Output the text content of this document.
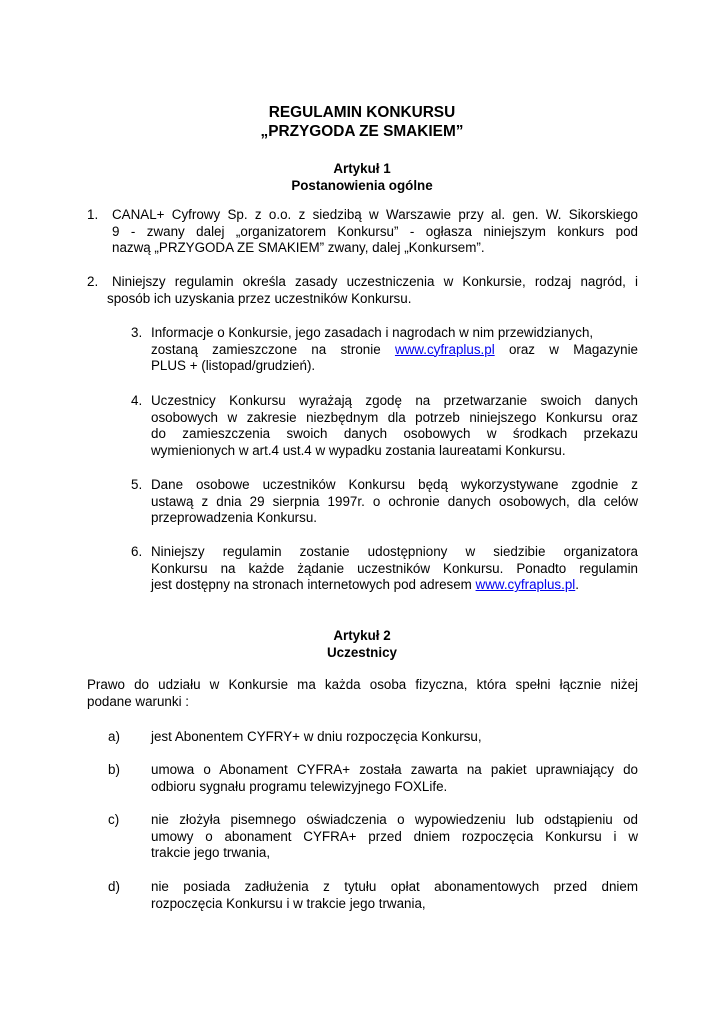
REGULAMIN KONKURSU
„PRZYGODA ZE SMAKIEM”
Artykuł 1
Postanowienia ogólne
1. CANAL+ Cyfrowy Sp. z o.o. z siedzibą w Warszawie przy al. gen. W. Sikorskiego
9 - zwany dalej „organizatorem Konkursu” - ogłasza niniejszym konkurs pod
nazwą „PRZYGODA ZE SMAKIEM” zwany, dalej „Konkursem”.
2. Niniejszy regulamin określa zasady uczestniczenia w Konkursie, rodzaj nagród, i
sposób ich uzyskania przez uczestników Konkursu.
3. Informacje o Konkursie, jego zasadach i nagrodach w nim przewidzianych,
zostaną zamieszczone na stronie www.cyfraplus.pl oraz w Magazynie
PLUS + (listopad/grudzień).
4. Uczestnicy Konkursu wyrażają zgodę na przetwarzanie swoich danych
osobowych w zakresie niezbędnym dla potrzeb niniejszego Konkursu oraz
do zamieszczenia swoich danych osobowych w środkach przekazu
wymienionych w art.4 ust.4 w wypadku zostania laureatami Konkursu.
5. Dane osobowe uczestników Konkursu będą wykorzystywane zgodnie z
ustawą z dnia 29 sierpnia 1997r. o ochronie danych osobowych, dla celów
przeprowadzenia Konkursu.
6. Niniejszy regulamin zostanie udostępniony w siedzibie organizatora
Konkursu na każde żądanie uczestników Konkursu. Ponadto regulamin
jest dostępny na stronach internetowych pod adresem www.cyfraplus.pl.
Artykuł 2
Uczestnicy
Prawo do udziału w Konkursie ma każda osoba fizyczna, która spełni łącznie niżej
podane warunki :
a) jest Abonentem CYFRY+ w dniu rozpoczęcia Konkursu,
b) umowa o Abonament CYFRA+ została zawarta na pakiet uprawniający do
odbioru sygnału programu telewizyjnego FOXLife.
c) nie złożyła pisemnego oświadczenia o wypowiedzeniu lub odstąpieniu od
umowy o abonament CYFRA+ przed dniem rozpoczęcia Konkursu i w
trakcie jego trwania,
d) nie posiada zadłużenia z tytułu opłat abonamentowych przed dniem
rozpoczęcia Konkursu i w trakcie jego trwania,
